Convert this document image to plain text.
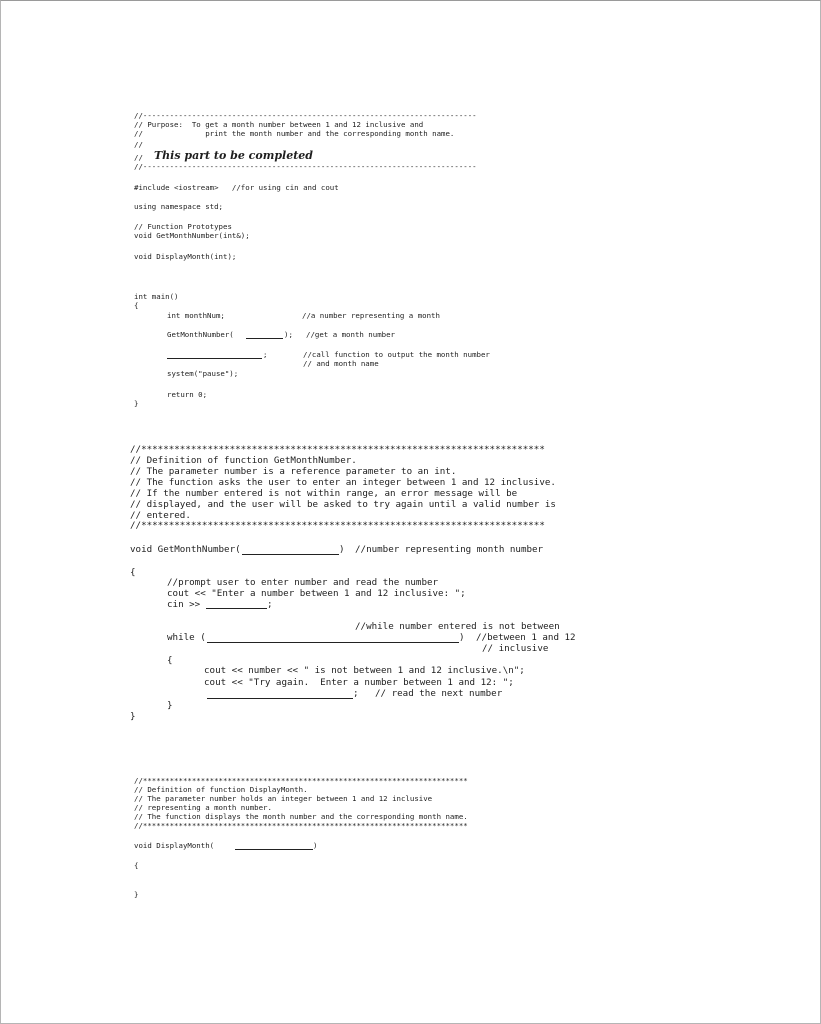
//---------------------------------------------------------------------------
// Purpose:  To get a month number between 1 and 12 inclusive and
//              print the month number and the corresponding month name.
//
// This part to be completed
//---------------------------------------------------------------------------
#include <iostream>   //for using cin and cout
using namespace std;
// Function Prototypes
void GetMonthNumber(int&);
void DisplayMonth(int);
int main()
{
int monthNum;	//a number representing a month
GetMonthNumber(	); //get a month number
;	//call function to output the month number
// and month name
system("pause");
return 0;
}
//*************************************************************************
// Definition of function GetMonthNumber.
// The parameter number is a reference parameter to an int.
// The function asks the user to enter an integer between 1 and 12 inclusive.
// If the number entered is not within range, an error message will be
// displayed, and the user will be asked to try again until a valid number is
// entered.
//*************************************************************************
void GetMonthNumber(	) //number representing month number
{
//prompt user to enter number and read the number
cout << "Enter a number between 1 and 12 inclusive: ";
cin >>	;
//while number entered is not between
while (	) //between 1 and 12
// inclusive
{
cout << number << " is not between 1 and 12 inclusive.\n";
cout << "Try again.  Enter a number between 1 and 12: ";
; // read the next number
}
}
//*************************************************************************
// Definition of function DisplayMonth.
// The parameter number holds an integer between 1 and 12 inclusive
// representing a month number.
// The function displays the month number and the corresponding month name.
//*************************************************************************
void DisplayMonth(	)
{
}
